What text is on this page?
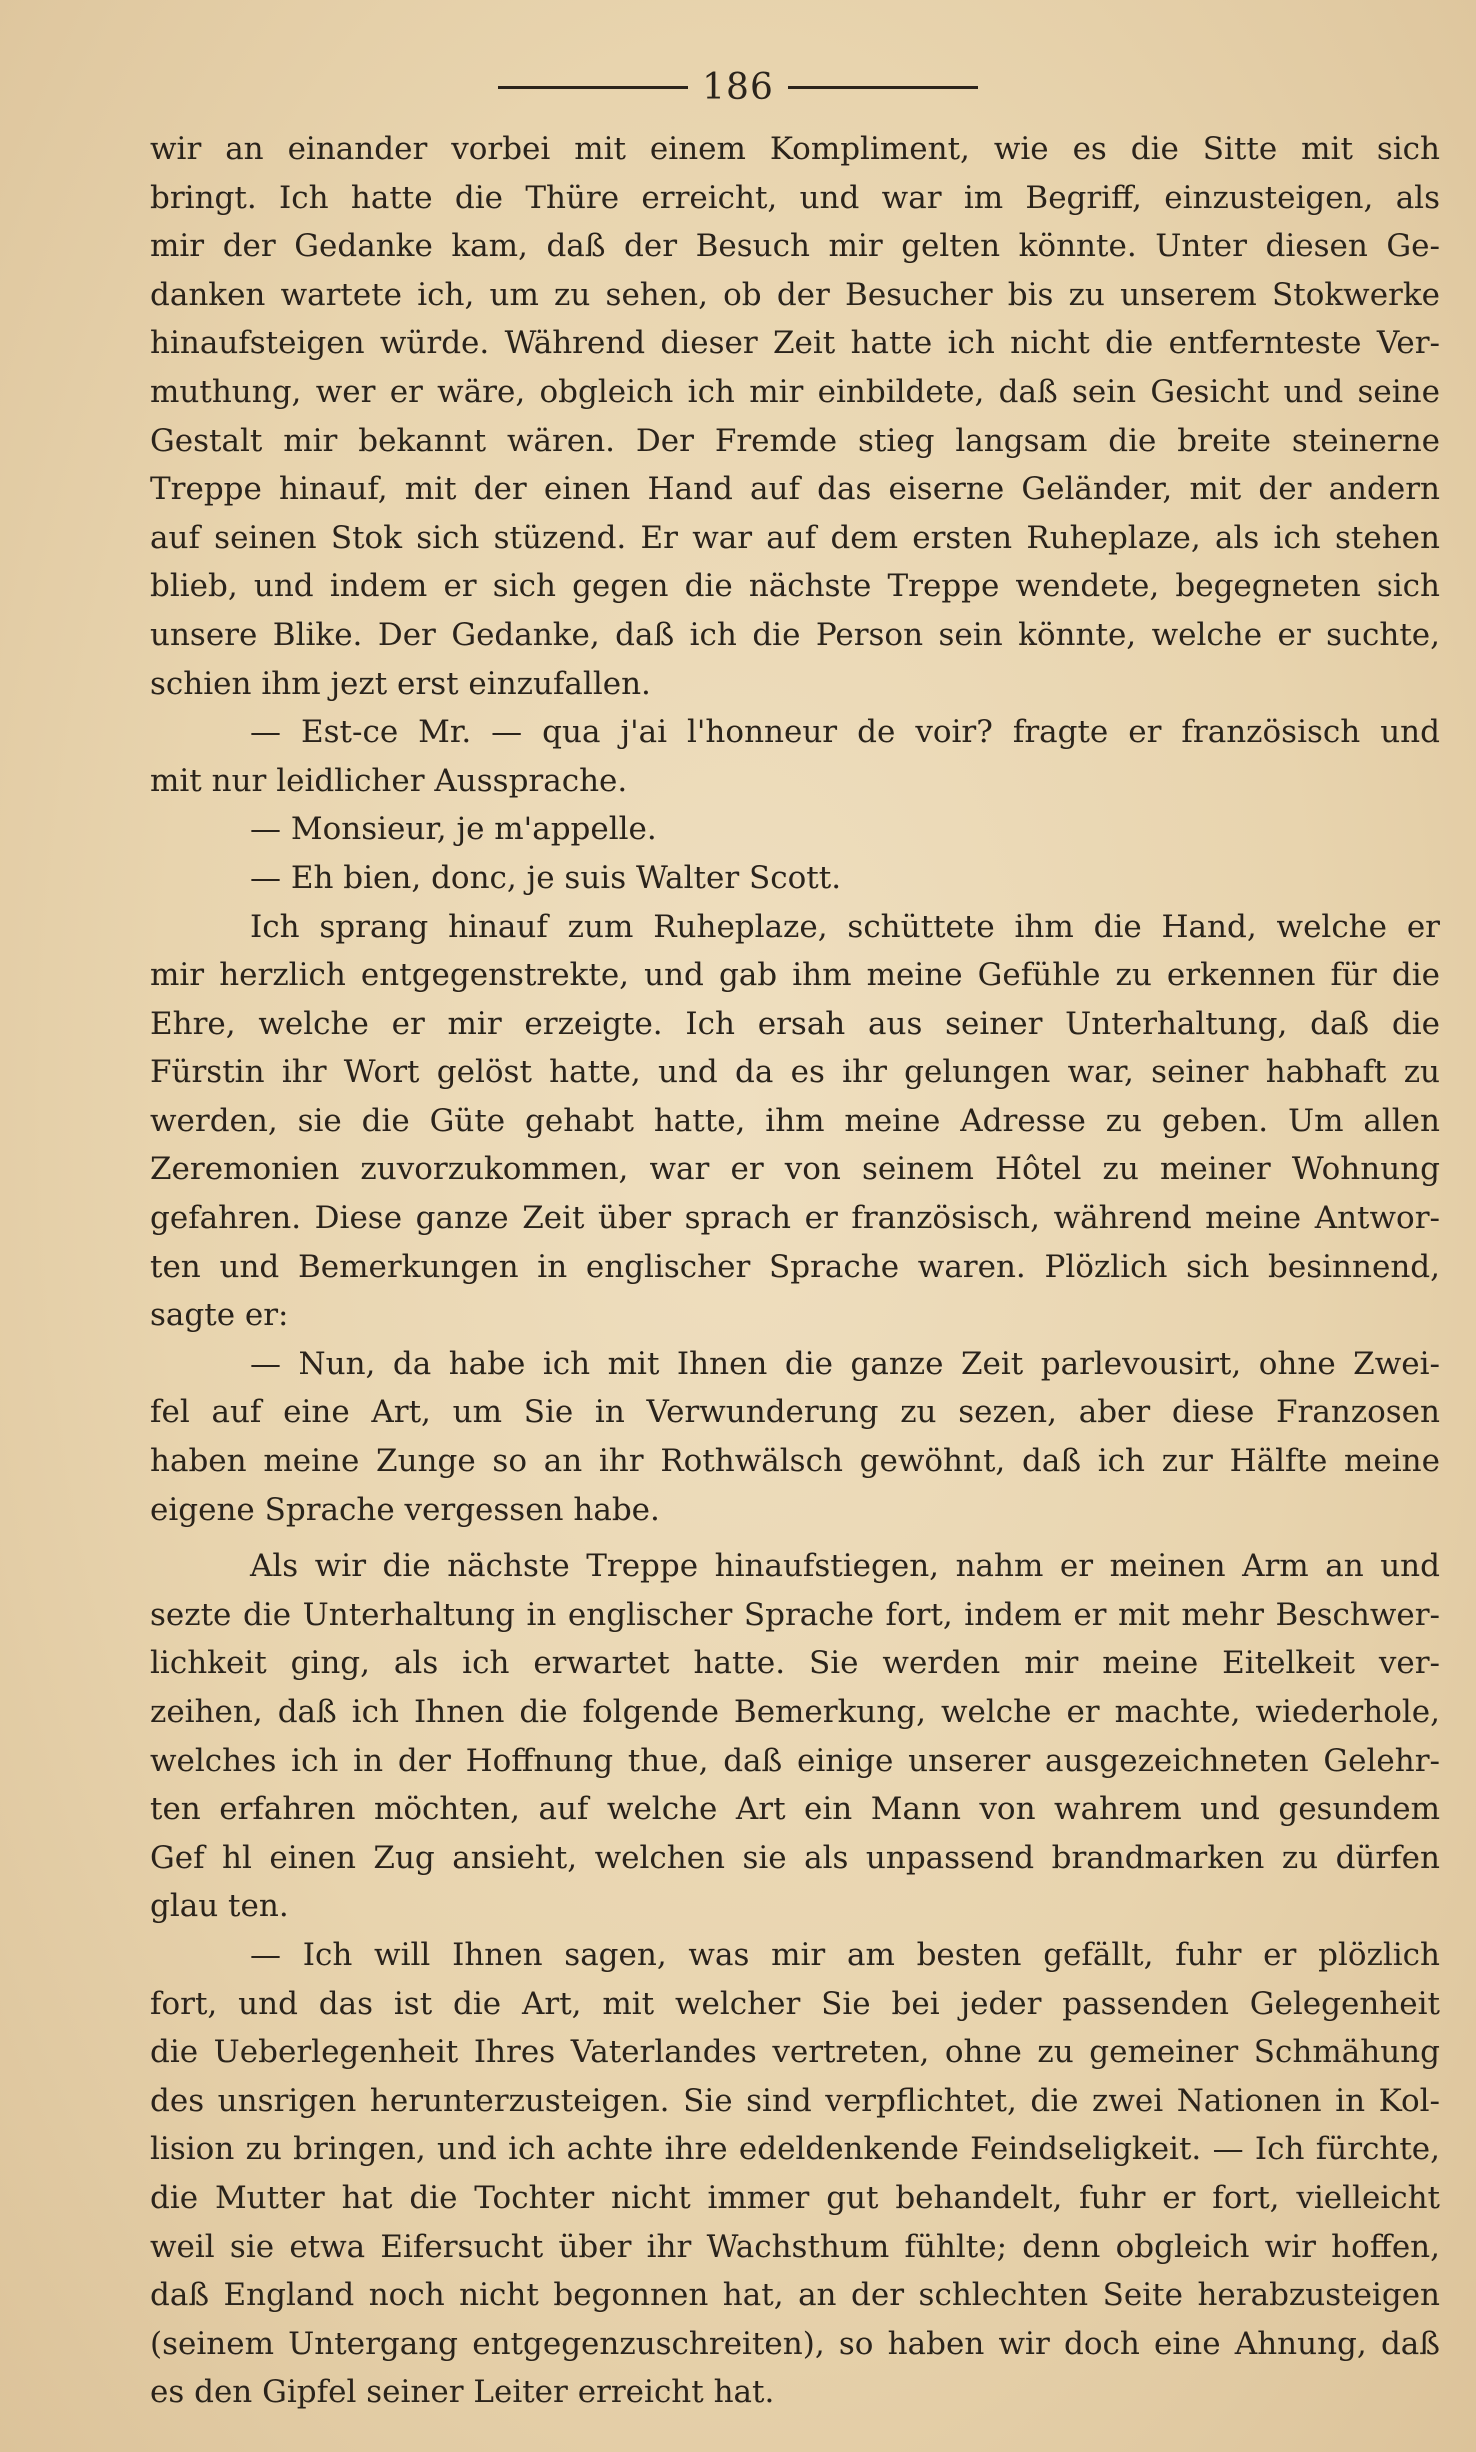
186
wir an einander vorbei mit einem Kompliment, wie es die Sitte mit sich
bringt. Ich hatte die Thüre erreicht, und war im Begriff, einzusteigen, als
mir der Gedanke kam, daß der Besuch mir gelten könnte. Unter diesen Ge-
danken wartete ich, um zu sehen, ob der Besucher bis zu unserem Stokwerke
hinaufsteigen würde. Während dieser Zeit hatte ich nicht die entfernteste Ver-
muthung, wer er wäre, obgleich ich mir einbildete, daß sein Gesicht und seine
Gestalt mir bekannt wären. Der Fremde stieg langsam die breite steinerne
Treppe hinauf, mit der einen Hand auf das eiserne Geländer, mit der andern
auf seinen Stok sich stüzend. Er war auf dem ersten Ruheplaze, als ich stehen
blieb, und indem er sich gegen die nächste Treppe wendete, begegneten sich
unsere Blike. Der Gedanke, daß ich die Person sein könnte, welche er suchte,
schien ihm jezt erst einzufallen.
— Est-ce Mr. — qua j'ai l'honneur de voir? fragte er französisch und
mit nur leidlicher Aussprache.
— Monsieur, je m'appelle.
— Eh bien, donc, je suis Walter Scott.
Ich sprang hinauf zum Ruheplaze, schüttete ihm die Hand, welche er
mir herzlich entgegenstrekte, und gab ihm meine Gefühle zu erkennen für die
Ehre, welche er mir erzeigte. Ich ersah aus seiner Unterhaltung, daß die
Fürstin ihr Wort gelöst hatte, und da es ihr gelungen war, seiner habhaft zu
werden, sie die Güte gehabt hatte, ihm meine Adresse zu geben. Um allen
Zeremonien zuvorzukommen, war er von seinem Hôtel zu meiner Wohnung
gefahren. Diese ganze Zeit über sprach er französisch, während meine Antwor-
ten und Bemerkungen in englischer Sprache waren. Plözlich sich besinnend,
sagte er:
— Nun, da habe ich mit Ihnen die ganze Zeit parlevousirt, ohne Zwei-
fel auf eine Art, um Sie in Verwunderung zu sezen, aber diese Franzosen
haben meine Zunge so an ihr Rothwälsch gewöhnt, daß ich zur Hälfte meine
eigene Sprache vergessen habe.
Als wir die nächste Treppe hinaufstiegen, nahm er meinen Arm an und
sezte die Unterhaltung in englischer Sprache fort, indem er mit mehr Beschwer-
lichkeit ging, als ich erwartet hatte. Sie werden mir meine Eitelkeit ver-
zeihen, daß ich Ihnen die folgende Bemerkung, welche er machte, wiederhole,
welches ich in der Hoffnung thue, daß einige unserer ausgezeichneten Gelehr-
ten erfahren möchten, auf welche Art ein Mann von wahrem und gesundem
Gef hl einen Zug ansieht, welchen sie als unpassend brandmarken zu dürfen
glau ten.
— Ich will Ihnen sagen, was mir am besten gefällt, fuhr er plözlich
fort, und das ist die Art, mit welcher Sie bei jeder passenden Gelegenheit
die Ueberlegenheit Ihres Vaterlandes vertreten, ohne zu gemeiner Schmähung
des unsrigen herunterzusteigen. Sie sind verpflichtet, die zwei Nationen in Kol-
lision zu bringen, und ich achte ihre edeldenkende Feindseligkeit. — Ich fürchte,
die Mutter hat die Tochter nicht immer gut behandelt, fuhr er fort, vielleicht
weil sie etwa Eifersucht über ihr Wachsthum fühlte; denn obgleich wir hoffen,
daß England noch nicht begonnen hat, an der schlechten Seite herabzusteigen
(seinem Untergang entgegenzuschreiten), so haben wir doch eine Ahnung, daß
es den Gipfel seiner Leiter erreicht hat.
